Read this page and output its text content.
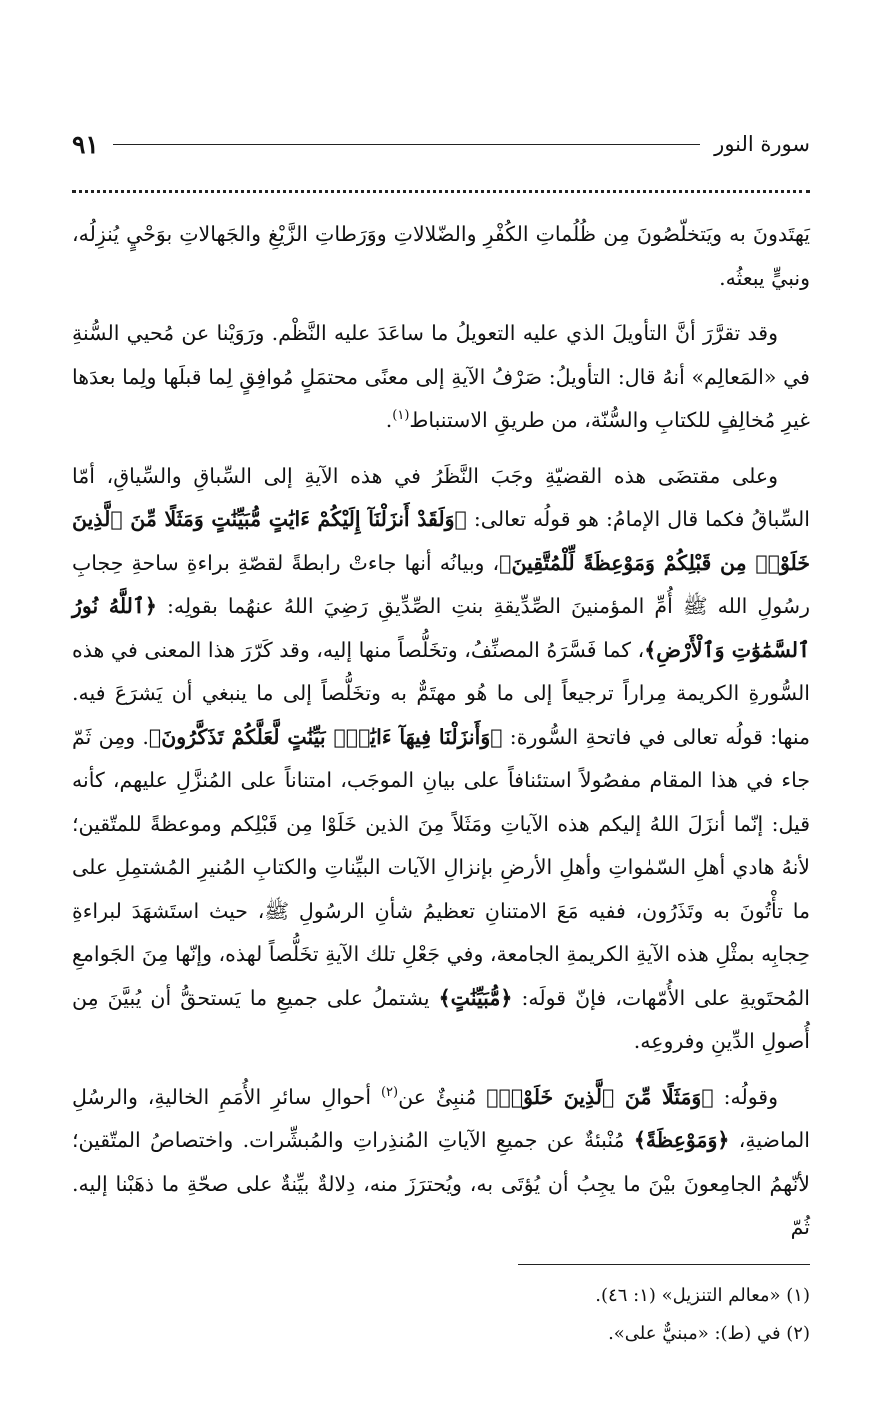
سورة النور
٩١

يَهتَدونَ به ويَتخلّصُونَ مِن ظُلُماتِ الكُفْرِ والضّلالاتِ ووَرَطاتِ الزَّيْغِ والجَهالاتِ بوَحْيٍ يُنزِلُه، ونبيٍّ يبعثُه.

وقد تقرَّرَ أنَّ التأويلَ الذي عليه التعويلُ ما ساعَدَ عليه النَّظْم. ورَوَيْنا عن مُحيي السُّنةِ في «المَعالِم» أنهُ قال: التأويلُ: صَرْفُ الآيةِ إلى معنًى محتمَلٍ مُوافِقٍ لِما قبلَها ولِما بعدَها غيرِ مُخالِفٍ للكتابِ والسُّنّة، من طريقِ الاستنباط$^{(١)}$.

وعلى مقتضَى هذه القضيّةِ وجَبَ النَّظَرُ في هذه الآيةِ إلى السِّباقِ والسِّياقِ، أمّا السِّباقُ فكما قال الإمامُ: هو قولُه تعالى: ﴿وَلَقَدْ أَنزَلْنَآ إِلَيْكُمْ ءَايَٰتٍ مُّبَيِّنَٰتٍ وَمَثَلًا مِّنَ ٱلَّذِينَ خَلَوْا۟ مِن قَبْلِكُمْ وَمَوْعِظَةً لِّلْمُتَّقِينَ﴾، وبيانُه أنها جاءتْ رابطةً لقصّةِ براءةِ ساحةِ حِجابِ رسُولِ الله ﷺ أُمِّ المؤمنينَ الصِّدِّيقةِ بنتِ الصِّدِّيقِ رَضِيَ اللهُ عنهُما بقولِه: ﴿ٱللَّهُ نُورُ ٱلسَّمَٰوَٰتِ وَٱلْأَرْضِ﴾، كما فَسَّرَهُ المصنِّفُ، وتخَلُّصاً منها إليه، وقد كَرّرَ هذا المعنى في هذه السُّورةِ الكريمة مِراراً ترجيعاً إلى ما هُو مهتَمٌّ به وتخَلُّصاً إلى ما ينبغي أن يَشرَعَ فيه. منها: قولُه تعالى في فاتحةِ السُّورة: ﴿وَأَنزَلْنَا فِيهَآ ءَايَٰتٍۭ بَيِّنَٰتٍ لَّعَلَّكُمْ تَذَكَّرُونَ﴾. ومِن ثَمّ جاء في هذا المقام مفصُولاً استئنافاً على بيانِ الموجَب، امتناناً على المُنزَّلِ عليهم، كأنه قيل: إنّما أنزَلَ اللهُ إليكم هذه الآياتِ ومَثَلاً مِنَ الذين خَلَوْا مِن قَبْلِكم وموعظةً للمتّقين؛ لأنهُ هادي أهلِ السّمٰواتِ وأهلِ الأرضِ بإنزالِ الآيات البيِّناتِ والكتابِ المُنيرِ المُشتمِلِ على ما تأْتُونَ به وتَذَرُون، ففيه مَعَ الامتنانِ تعظيمُ شأنِ الرسُولِ ﷺ، حيث استَشهَدَ لبراءةِ حِجابِه بمثْلِ هذه الآيةِ الكريمةِ الجامعة، وفي جَعْلِ تلك الآيةِ تخَلُّصاً لهذه، وإنّها مِنَ الجَوامعِ المُحتَويةِ على الأُمّهات، فإنّ قولَه: ﴿مُّبَيِّنَٰتٍ﴾ يشتملُ على جميعِ ما يَستحقُّ أن يُبيَّنَ مِن أُصولِ الدِّينِ وفروعِه.

وقولُه: ﴿وَمَثَلًا مِّنَ ٱلَّذِينَ خَلَوْا۟﴾ مُنبِئٌ عن$^{(٢)}$ أحوالِ سائرِ الأُمَمِ الخاليةِ، والرسُلِ الماضيةِ، ﴿وَمَوْعِظَةً﴾ مُنْبئةٌ عن جميعِ الآياتِ المُنذِراتِ والمُبشِّرات. واختصاصُ المتّقين؛ لأنّهمُ الجامِعونَ بيْنَ ما يجِبُ أن يُؤتَى به، ويُحترَزَ منه، دِلالةٌ بيِّنةٌ على صحّةِ ما ذهَبْنا إليه. ثُمّ

(١) «معالم التنزيل» (١: ٤٦).

(٢) في (ط): «مبنيٌّ على».
